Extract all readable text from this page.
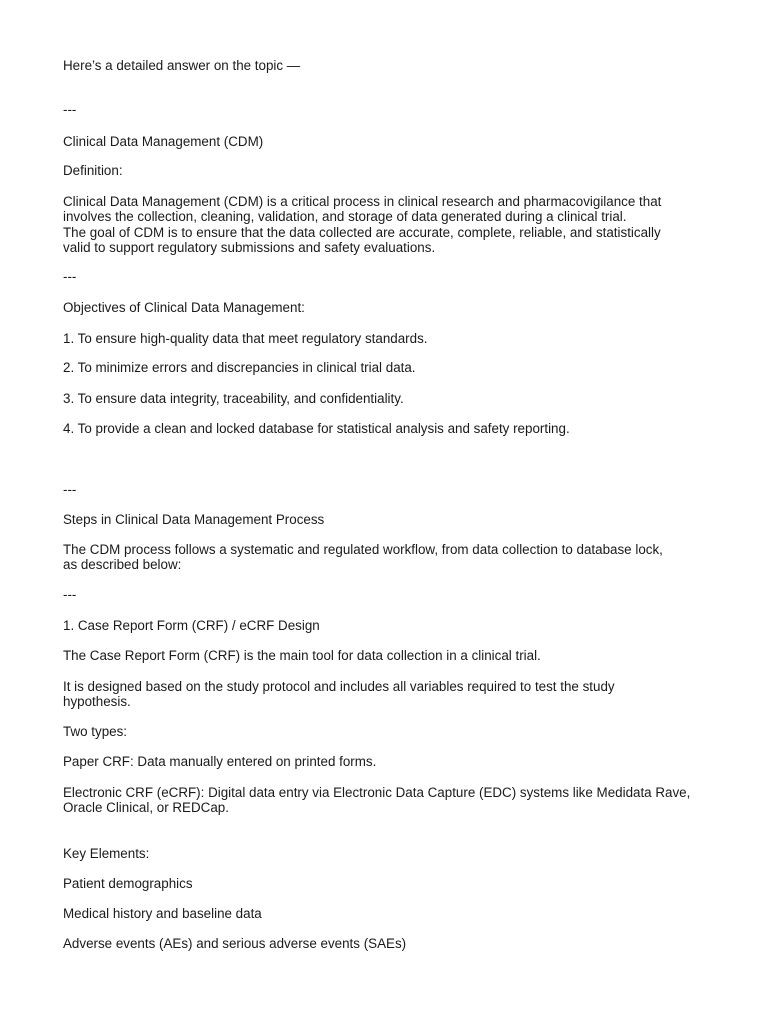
Here’s a detailed answer on the topic —

---

Clinical Data Management (CDM)

Definition:

Clinical Data Management (CDM) is a critical process in clinical research and pharmacovigilance that

involves the collection, cleaning, validation, and storage of data generated during a clinical trial.

The goal of CDM is to ensure that the data collected are accurate, complete, reliable, and statistically

valid to support regulatory submissions and safety evaluations.

---

Objectives of Clinical Data Management:

1. To ensure high-quality data that meet regulatory standards.

2. To minimize errors and discrepancies in clinical trial data.

3. To ensure data integrity, traceability, and confidentiality.

4. To provide a clean and locked database for statistical analysis and safety reporting.

---

Steps in Clinical Data Management Process

The CDM process follows a systematic and regulated workflow, from data collection to database lock,

as described below:

---

1. Case Report Form (CRF) / eCRF Design

The Case Report Form (CRF) is the main tool for data collection in a clinical trial.

It is designed based on the study protocol and includes all variables required to test the study

hypothesis.

Two types:

Paper CRF: Data manually entered on printed forms.

Electronic CRF (eCRF): Digital data entry via Electronic Data Capture (EDC) systems like Medidata Rave,

Oracle Clinical, or REDCap.

Key Elements:

Patient demographics

Medical history and baseline data

Adverse events (AEs) and serious adverse events (SAEs)
